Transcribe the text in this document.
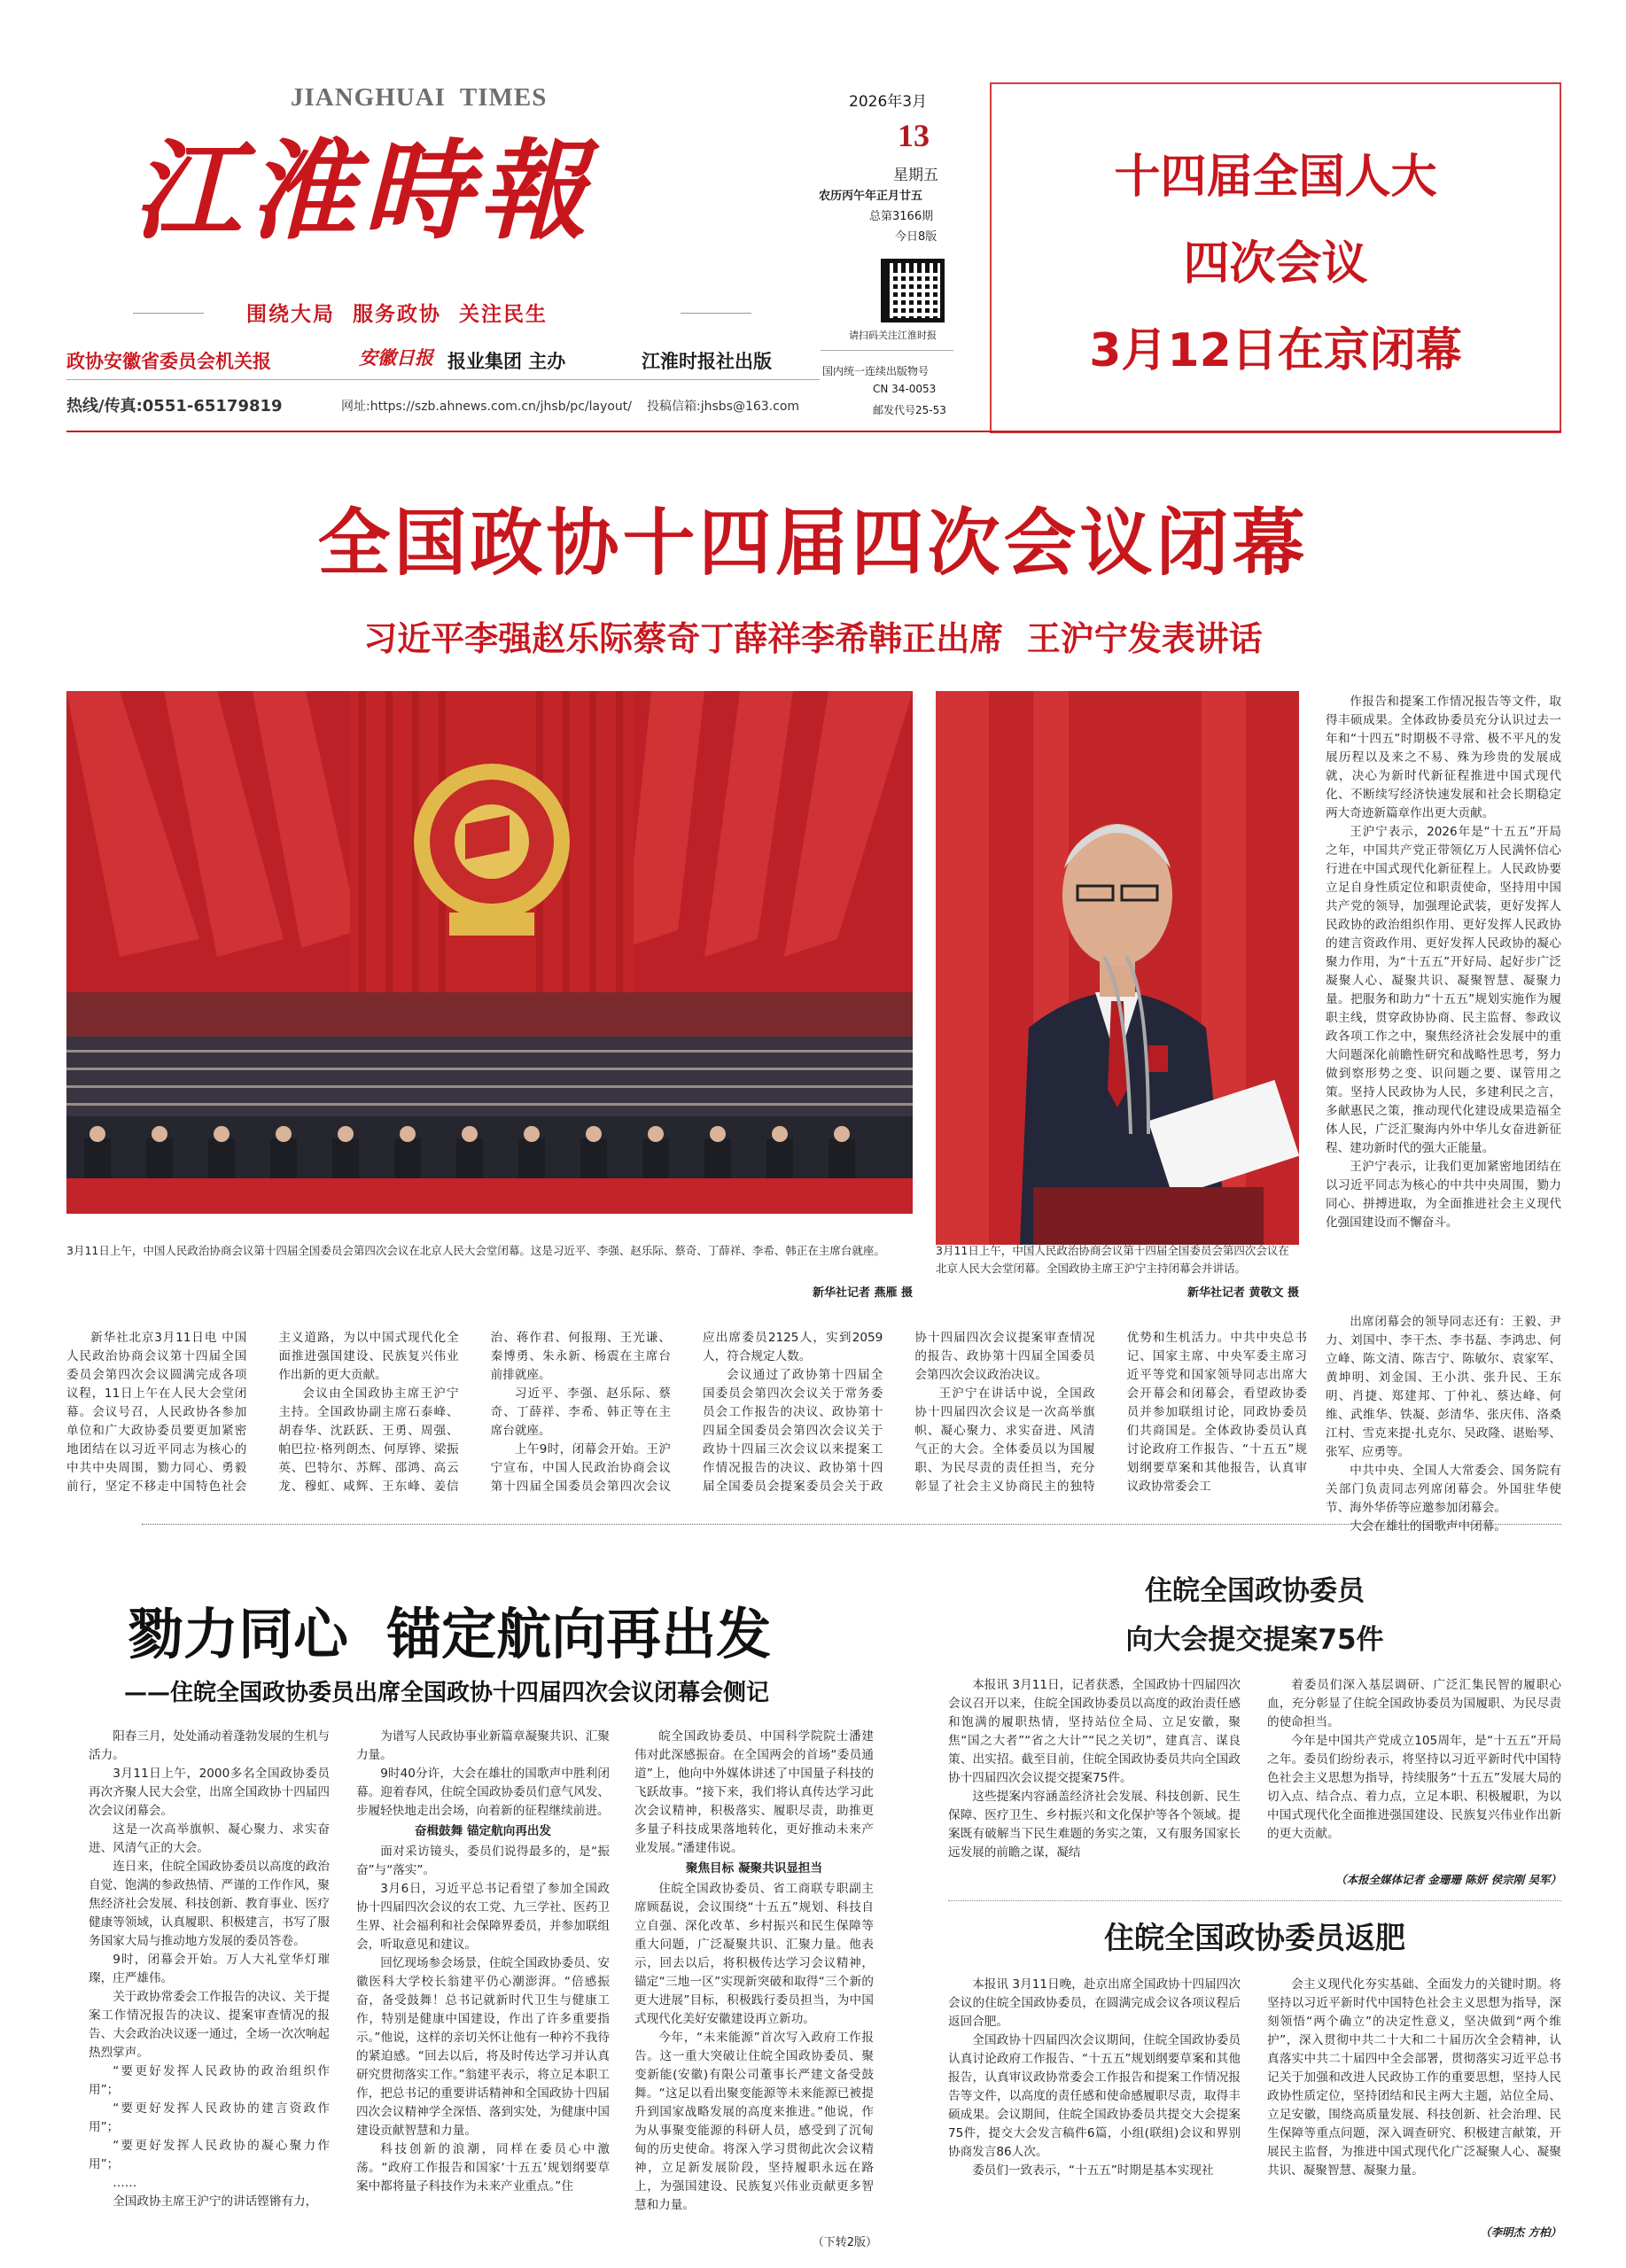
JIANGHUAI  TIMES
江淮時報
围绕大局  服务政协  关注民生
政协安徽省委员会机关报	安徽日报 报业集团 主办	江淮时报社出版
热线/传真:0551-65179819	网址:https://szb.ahnews.com.cn/jhsb/pc/layout/ 投稿信箱:jhsbs@163.com
2026年3月
13
星期五
农历丙午年正月廿五
总第3166期
今日8版
请扫码关注江淮时报
国内统一连续出版物号
CN 34-0053
邮发代号25-53
十四届全国人大
四次会议
3月12日在京闭幕
全国政协十四届四次会议闭幕
习近平李强赵乐际蔡奇丁薛祥李希韩正出席  王沪宁发表讲话
3月11日上午，中国人民政治协商会议第十四届全国委员会第四次会议在北京人民大会堂闭幕。这是习近平、李强、赵乐际、蔡奇、丁薛祥、李希、韩正在主席台就座。
新华社记者 燕雁 摄
3月11日上午，中国人民政治协商会议第十四届全国委员会第四次会议在北京人民大会堂闭幕。全国政协主席王沪宁主持闭幕会并讲话。
新华社记者 黄敬文 摄

作报告和提案工作情况报告等文件，取得丰硕成果。全体政协委员充分认识过去一年和“十四五”时期极不寻常、极不平凡的发展历程以及来之不易、殊为珍贵的发展成就，决心为新时代新征程推进中国式现代化、不断续写经济快速发展和社会长期稳定两大奇迹新篇章作出更大贡献。

王沪宁表示，2026年是“十五五”开局之年，中国共产党正带领亿万人民满怀信心行进在中国式现代化新征程上。人民政协要立足自身性质定位和职责使命，坚持用中国共产党的领导，加强理论武装，更好发挥人民政协的政治组织作用、更好发挥人民政协的建言资政作用、更好发挥人民政协的凝心聚力作用，为“十五五”开好局、起好步广泛凝聚人心、凝聚共识、凝聚智慧、凝聚力量。把服务和助力“十五五”规划实施作为履职主线，贯穿政协协商、民主监督、参政议政各项工作之中，聚焦经济社会发展中的重大问题深化前瞻性研究和战略性思考，努力做到察形势之变、识问题之要、谋管用之策。坚持人民政协为人民，多建利民之言，多献惠民之策，推动现代化建设成果造福全体人民，广泛汇聚海内外中华儿女奋进新征程、建功新时代的强大正能量。

王沪宁表示，让我们更加紧密地团结在以习近平同志为核心的中共中央周围，勠力同心、拼搏进取，为全面推进社会主义现代化强国建设而不懈奋斗。

出席闭幕会的领导同志还有：王毅、尹力、刘国中、李干杰、李书磊、李鸿忠、何立峰、陈文清、陈吉宁、陈敏尔、袁家军、黄坤明、刘金国、王小洪、张升民、王东明、肖捷、郑建邦、丁仲礼、蔡达峰、何维、武维华、铁凝、彭清华、张庆伟、洛桑江村、雪克来提·扎克尔、吴政隆、谌贻琴、张军、应勇等。

中共中央、全国人大常委会、国务院有关部门负责同志列席闭幕会。外国驻华使节、海外华侨等应邀参加闭幕会。

大会在雄壮的国歌声中闭幕。

新华社北京3月11日电 中国人民政治协商会议第十四届全国委员会第四次会议圆满完成各项议程，11日上午在人民大会堂闭幕。会议号召，人民政协各参加单位和广大政协委员要更加紧密地团结在以习近平同志为核心的中共中央周围，勠力同心、勇毅前行，坚定不移走中国特色社会主义道路，为以中国式现代化全面推进强国建设、民族复兴伟业作出新的更大贡献。

会议由全国政协主席王沪宁主持。全国政协副主席石泰峰、胡春华、沈跃跃、王勇、周强、帕巴拉·格列朗杰、何厚铧、梁振英、巴特尔、苏辉、邵鸿、高云龙、穆虹、咸辉、王东峰、姜信治、蒋作君、何报翔、王光谦、秦博勇、朱永新、杨震在主席台前排就座。

习近平、李强、赵乐际、蔡奇、丁薛祥、李希、韩正等在主席台就座。

上午9时，闭幕会开始。王沪宁宣布，中国人民政治协商会议第十四届全国委员会第四次会议应出席委员2125人，实到2059人，符合规定人数。

会议通过了政协第十四届全国委员会第四次会议关于常务委员会工作报告的决议、政协第十四届全国委员会第四次会议关于政协十四届三次会议以来提案工作情况报告的决议、政协第十四届全国委员会提案委员会关于政协十四届四次会议提案审查情况的报告、政协第十四届全国委员会第四次会议政治决议。

王沪宁在讲话中说，全国政协十四届四次会议是一次高举旗帜、凝心聚力、求实奋进、风清气正的大会。全体委员以为国履职、为民尽责的责任担当，充分彰显了社会主义协商民主的独特优势和生机活力。中共中央总书记、国家主席、中央军委主席习近平等党和国家领导同志出席大会开幕会和闭幕会，看望政协委员并参加联组讨论，同政协委员们共商国是。全体政协委员认真讨论政府工作报告、“十五五”规划纲要草案和其他报告，认真审议政协常委会工

勠力同心  锚定航向再出发
——住皖全国政协委员出席全国政协十四届四次会议闭幕会侧记

阳春三月，处处涌动着蓬勃发展的生机与活力。

3月11日上午，2000多名全国政协委员再次齐聚人民大会堂，出席全国政协十四届四次会议闭幕会。

这是一次高举旗帜、凝心聚力、求实奋进、风清气正的大会。

连日来，住皖全国政协委员以高度的政治自觉、饱满的参政热情、严谨的工作作风，聚焦经济社会发展、科技创新、教育事业、医疗健康等领域，认真履职、积极建言，书写了服务国家大局与推动地方发展的委员答卷。

9时，闭幕会开始。万人大礼堂华灯璀璨，庄严雄伟。

关于政协常委会工作报告的决议、关于提案工作情况报告的决议、提案审查情况的报告、大会政治决议逐一通过，全场一次次响起热烈掌声。

“要更好发挥人民政协的政治组织作用”；

“要更好发挥人民政协的建言资政作用”；

“要更好发挥人民政协的凝心聚力作用”；

……

全国政协主席王沪宁的讲话铿锵有力，

为谱写人民政协事业新篇章凝聚共识、汇聚力量。

9时40分许，大会在雄壮的国歌声中胜利闭幕。迎着春风，住皖全国政协委员们意气风发、步履轻快地走出会场，向着新的征程继续前进。

奋楫鼓舞 锚定航向再出发

面对采访镜头，委员们说得最多的，是“振奋”与“落实”。

3月6日，习近平总书记看望了参加全国政协十四届四次会议的农工党、九三学社、医药卫生界、社会福利和社会保障界委员，并参加联组会，听取意见和建议。

回忆现场参会场景，住皖全国政协委员、安徽医科大学校长翁建平仍心潮澎湃。“倍感振奋，备受鼓舞！总书记就新时代卫生与健康工作，特别是健康中国建设，作出了许多重要指示。”他说，这样的亲切关怀让他有一种衿不我待的紧迫感。“回去以后，将及时传达学习并认真研究贯彻落实工作。”翁建平表示，将立足本职工作，把总书记的重要讲话精神和全国政协十四届四次会议精神学全深悟、落到实处，为健康中国建设贡献智慧和力量。

科技创新的浪潮，同样在委员心中激荡。“政府工作报告和国家‘十五五’规划纲要草案中都将量子科技作为未来产业重点。”住

皖全国政协委员、中国科学院院士潘建伟对此深感振奋。在全国两会的首场“委员通道”上，他向中外媒体讲述了中国量子科技的飞跃故事。“接下来，我们将认真传达学习此次会议精神，积极落实、履职尽责，助推更多量子科技成果落地转化，更好推动未来产业发展。”潘建伟说。

聚焦目标 凝聚共识显担当

住皖全国政协委员、省工商联专职副主席顾磊说，会议围绕“十五五”规划、科技自立自强、深化改革、乡村振兴和民生保障等重大问题，广泛凝聚共识、汇聚力量。他表示，回去以后，将积极传达学习会议精神，锚定“三地一区”实现新突破和取得“三个新的更大进展”目标，积极践行委员担当，为中国式现代化美好安徽建设再立新功。

今年，“未来能源”首次写入政府工作报告。这一重大突破让住皖全国政协委员、聚变新能(安徽)有限公司董事长严建文备受鼓舞。“这足以看出聚变能源等未来能源已被提升到国家战略发展的高度来推进。”他说，作为从事聚变能源的科研人员，感受到了沉甸甸的历史使命。将深入学习贯彻此次会议精神，立足新发展阶段，坚持履职永远在路上，为强国建设、民族复兴伟业贡献更多智慧和力量。

（下转2版）
住皖全国政协委员
向大会提交提案75件

本报讯 3月11日，记者获悉，全国政协十四届四次会议召开以来，住皖全国政协委员以高度的政治责任感和饱满的履职热情，坚持站位全局、立足安徽，聚焦“国之大者”“省之大计”“民之关切”，建真言、谋良策、出实招。截至目前，住皖全国政协委员共向全国政协十四届四次会议提交提案75件。

这些提案内容涵盖经济社会发展、科技创新、民生保障、医疗卫生、乡村振兴和文化保护等各个领域。提案既有破解当下民生难题的务实之策，又有服务国家长远发展的前瞻之谋，凝结

着委员们深入基层调研、广泛汇集民智的履职心血，充分彰显了住皖全国政协委员为国履职、为民尽责的使命担当。

今年是中国共产党成立105周年，是“十五五”开局之年。委员们纷纷表示，将坚持以习近平新时代中国特色社会主义思想为指导，持续服务“十五五”发展大局的切入点、结合点、着力点，立足本职、积极履职，为以中国式现代化全面推进强国建设、民族复兴伟业作出新的更大贡献。

（本报全媒体记者 金珊珊 陈妍 侯宗刚 吴军）
住皖全国政协委员返肥

本报讯 3月11日晚，赴京出席全国政协十四届四次会议的住皖全国政协委员，在圆满完成会议各项议程后返回合肥。

全国政协十四届四次会议期间，住皖全国政协委员认真讨论政府工作报告、“十五五”规划纲要草案和其他报告，认真审议政协常委会工作报告和提案工作情况报告等文件，以高度的责任感和使命感履职尽责，取得丰硕成果。会议期间，住皖全国政协委员共提交大会提案75件，提交大会发言稿件6篇，小组(联组)会议和界别协商发言86人次。

委员们一致表示，“十五五”时期是基本实现社

会主义现代化夯实基础、全面发力的关键时期。将坚持以习近平新时代中国特色社会主义思想为指导，深刻领悟“两个确立”的决定性意义，坚决做到“两个维护”，深入贯彻中共二十大和二十届历次全会精神，认真落实中共二十届四中全会部署，贯彻落实习近平总书记关于加强和改进人民政协工作的重要思想，坚持人民政协性质定位，坚持团结和民主两大主题，站位全局、立足安徽，围绕高质量发展、科技创新、社会治理、民生保障等重点问题，深入调查研究、积极建言献策，开展民主监督，为推进中国式现代化广泛凝聚人心、凝聚共识、凝聚智慧、凝聚力量。

（李明杰 方柏）
